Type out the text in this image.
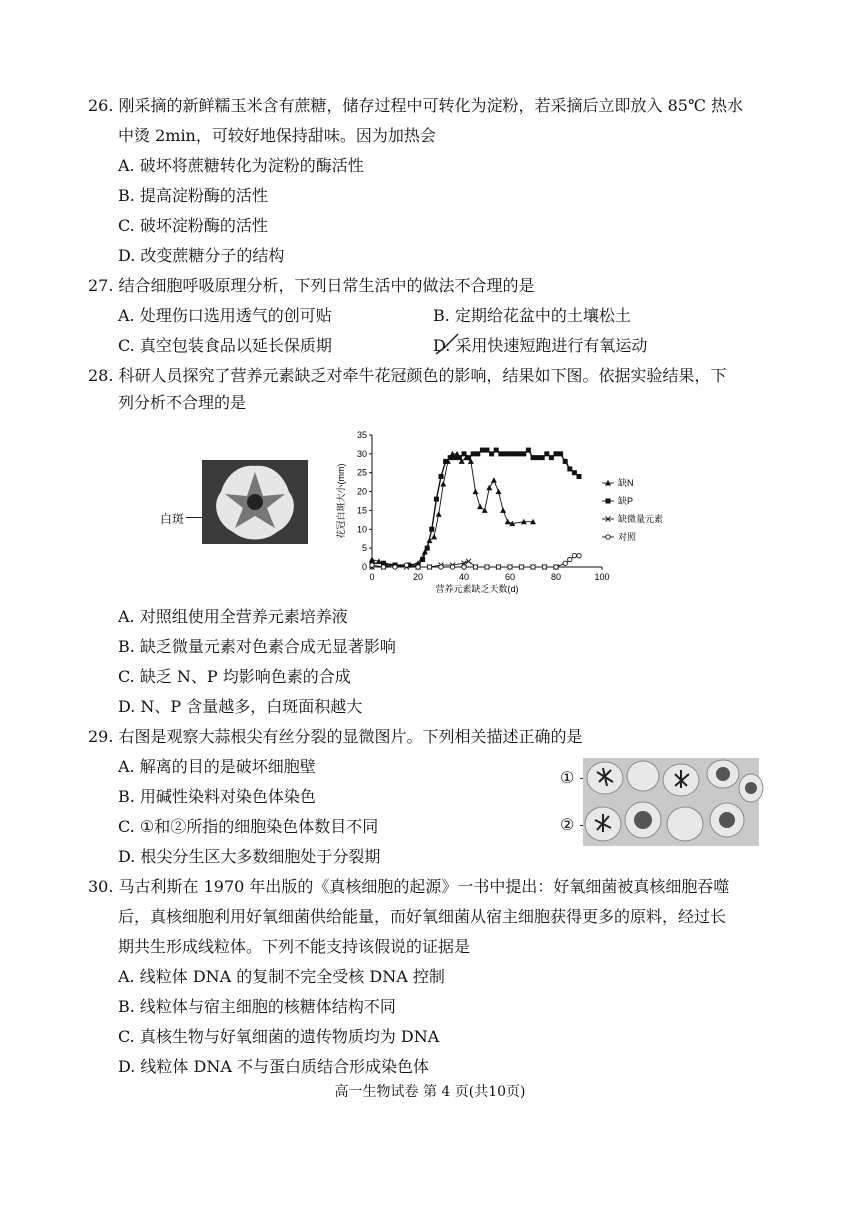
26. 刚采摘的新鲜糯玉米含有蔗糖，储存过程中可转化为淀粉，若采摘后立即放入 85℃ 热水
中烫 2min，可较好地保持甜味。因为加热会
A. 破坏将蔗糖转化为淀粉的酶活性
B. 提高淀粉酶的活性
C. 破坏淀粉酶的活性
D. 改变蔗糖分子的结构
27. 结合细胞呼吸原理分析，下列日常生活中的做法不合理的是
A. 处理伤口选用透气的创可贴	B. 定期给花盆中的土壤松土
C. 真空包装食品以延长保质期	D. 采用快速短跑进行有氧运动
28. 科研人员探究了营养元素缺乏对牵牛花冠颜色的影响，结果如下图。依据实验结果，下
列分析不合理的是
白斑
0
5
10
15
20
25
30
35
0	20	40	60	80	100
营养元素缺乏天数(d)
花冠白斑大小(mm)	缺N
缺P
缺微量元素
对照
A. 对照组使用全营养元素培养液
B. 缺乏微量元素对色素合成无显著影响
C. 缺乏 N、P 均影响色素的合成
D. N、P 含量越多，白斑面积越大
29. 右图是观察大蒜根尖有丝分裂的显微图片。下列相关描述正确的是
A. 解离的目的是破坏细胞壁
B. 用碱性染料对染色体染色
C. ①和②所指的细胞染色体数目不同
D. 根尖分生区大多数细胞处于分裂期
①
②
30. 马古利斯在 1970 年出版的《真核细胞的起源》一书中提出：好氧细菌被真核细胞吞噬
后，真核细胞利用好氧细菌供给能量，而好氧细菌从宿主细胞获得更多的原料，经过长
期共生形成线粒体。下列不能支持该假说的证据是
A. 线粒体 DNA 的复制不完全受核 DNA 控制
B. 线粒体与宿主细胞的核糖体结构不同
C. 真核生物与好氧细菌的遗传物质均为 DNA
D. 线粒体 DNA 不与蛋白质结合形成染色体
高一生物试卷 第 4 页(共10页)
